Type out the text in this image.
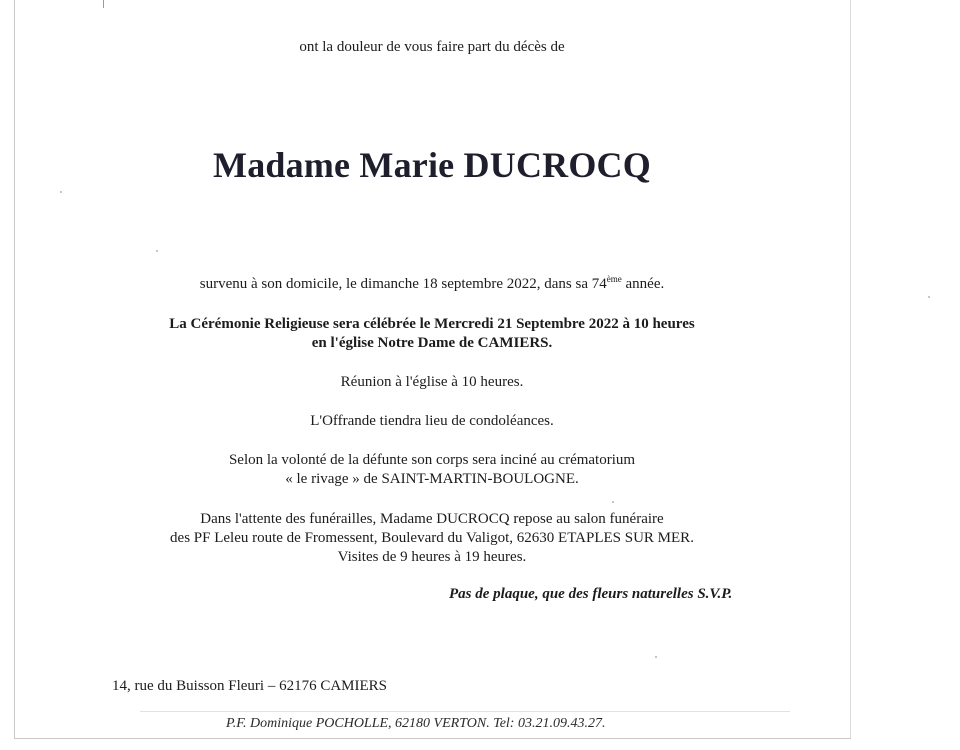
ont la douleur de vous faire part du décès de
Madame Marie DUCROCQ
survenu à son domicile, le dimanche 18 septembre 2022, dans sa 74ème année.
La Cérémonie Religieuse sera célébrée le Mercredi 21 Septembre 2022 à 10 heures
en l'église Notre Dame de CAMIERS.
Réunion à l'église à 10 heures.
L'Offrande tiendra lieu de condoléances.
Selon la volonté de la défunte son corps sera inciné au crématorium
« le rivage » de SAINT-MARTIN-BOULOGNE.
Dans l'attente des funérailles, Madame DUCROCQ repose au salon funéraire
des PF Leleu route de Fromessent, Boulevard du Valigot, 62630 ETAPLES SUR MER.
Visites de 9 heures à 19 heures.
Pas de plaque, que des fleurs naturelles S.V.P.
14, rue du Buisson Fleuri – 62176 CAMIERS
P.F. Dominique POCHOLLE, 62180 VERTON. Tel: 03.21.09.43.27.
